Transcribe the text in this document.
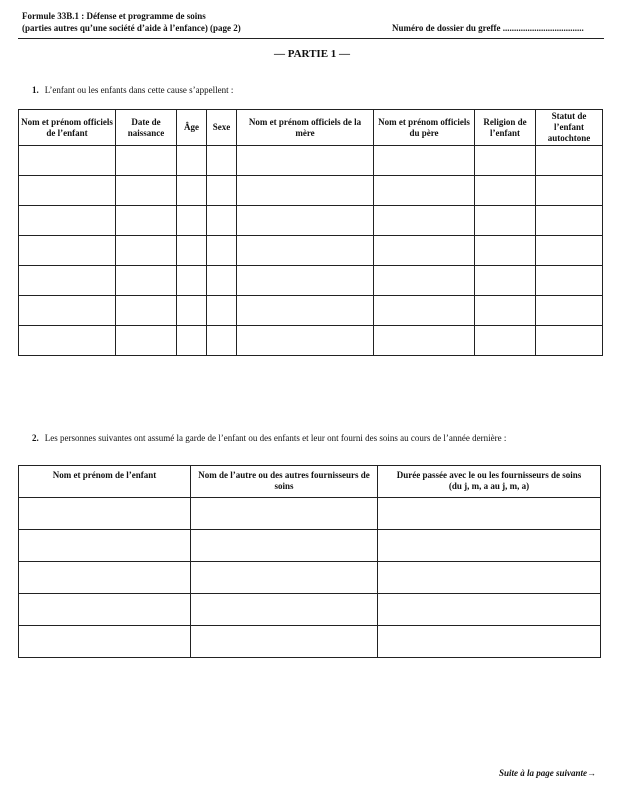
Formule 33B.1 : Défense et programme de soins
(parties autres qu’une société d’aide à l’enfance) (page 2)	Numéro de dossier du greffe ....................................
— PARTIE 1 —
1. L’enfant ou les enfants dans cette cause s’appellent :
Nom et prénom officiels de l’enfant	Date de naissance	Âge	Sexe	Nom et prénom officiels de la mère	Nom et prénom officiels du père	Religion de l’enfant	Statut de l’enfant autochtone

2. Les personnes suivantes ont assumé la garde de l’enfant ou des enfants et leur ont fourni des soins au cours de l’année dernière :
Nom et prénom de l’enfant	Nom de l’autre ou des autres fournisseurs de soins	Durée passée avec le ou les fournisseurs de soins
(du j, m, a au j, m, a)

Suite à la page suivante→
